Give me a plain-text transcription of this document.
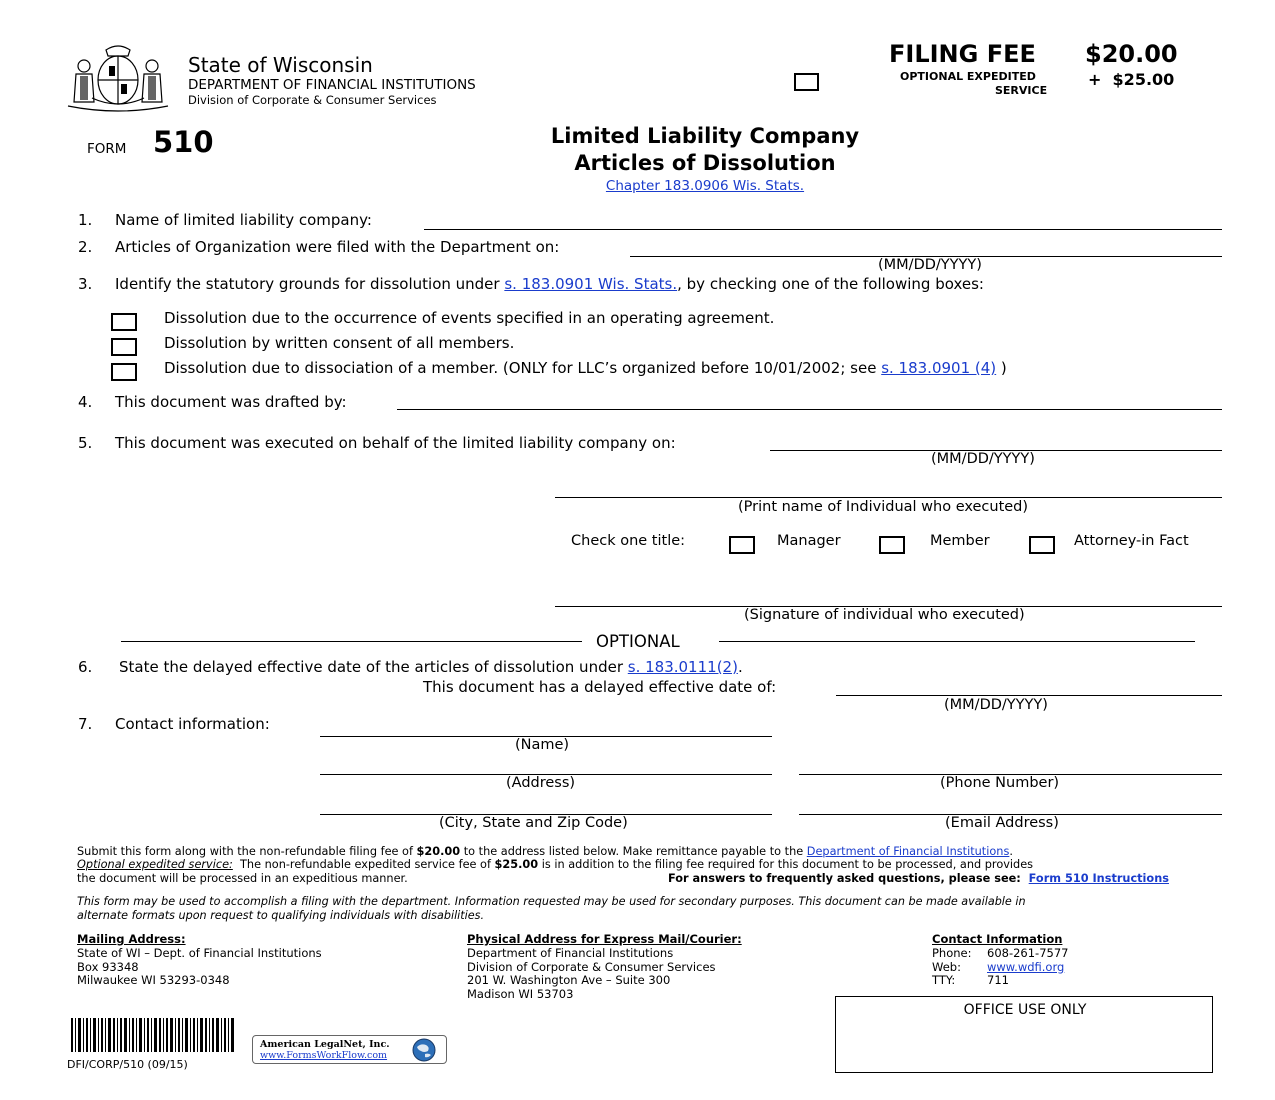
State of Wisconsin
DEPARTMENT OF FINANCIAL INSTITUTIONS
Division of Corporate & Consumer Services
FILING FEE $20.00
OPTIONAL EXPEDITED
SERVICE
+  $25.00
FORM 510	Limited Liability Company
Articles of Dissolution
Chapter 183.0906 Wis. Stats.
1. Name of limited liability company:
2. Articles of Organization were filed with the Department on:
(MM/DD/YYYY)
3. Identify the statutory grounds for dissolution under s. 183.0901 Wis. Stats., by checking one of the following boxes:
Dissolution due to the occurrence of events specified in an operating agreement.
Dissolution by written consent of all members.
Dissolution due to dissociation of a member. (ONLY for LLC’s organized before 10/01/2002; see s. 183.0901 (4) )
4. This document was drafted by:
5. This document was executed on behalf of the limited liability company on:
(MM/DD/YYYY)
(Print name of Individual who executed)
Check one title:	Manager	Member	Attorney-in Fact
(Signature of individual who executed)
OPTIONAL
6. State the delayed effective date of the articles of dissolution under s. 183.0111(2).
This document has a delayed effective date of:
(MM/DD/YYYY)
7. Contact information:
(Name)
(Address)	(Phone Number)
(City, State and Zip Code)	(Email Address)
Submit this form along with the non-refundable filing fee of $20.00 to the address listed below. Make remittance payable to the Department of Financial Institutions.
Optional expedited service:  The non-refundable expedited service fee of $25.00 is in addition to the filing fee required for this document to be processed, and provides
the document will be processed in an expeditious manner.	For answers to frequently asked questions, please see: Form 510 Instructions
This form may be used to accomplish a filing with the department. Information requested may be used for secondary purposes. This document can be made available in
alternate formats upon request to qualifying individuals with disabilities.
Mailing Address:
State of WI – Dept. of Financial Institutions
Box 93348
Milwaukee WI 53293-0348
Physical Address for Express Mail/Courier:
Department of Financial Institutions
Division of Corporate & Consumer Services
201 W. Washington Ave – Suite 300
Madison WI 53703
Contact Information
Phone: 608-261-7577
Web: www.wdfi.org
TTY:	711
OFFICE USE ONLY
DFI/CORP/510 (09/15)
American LegalNet, Inc.
www.FormsWorkFlow.com
